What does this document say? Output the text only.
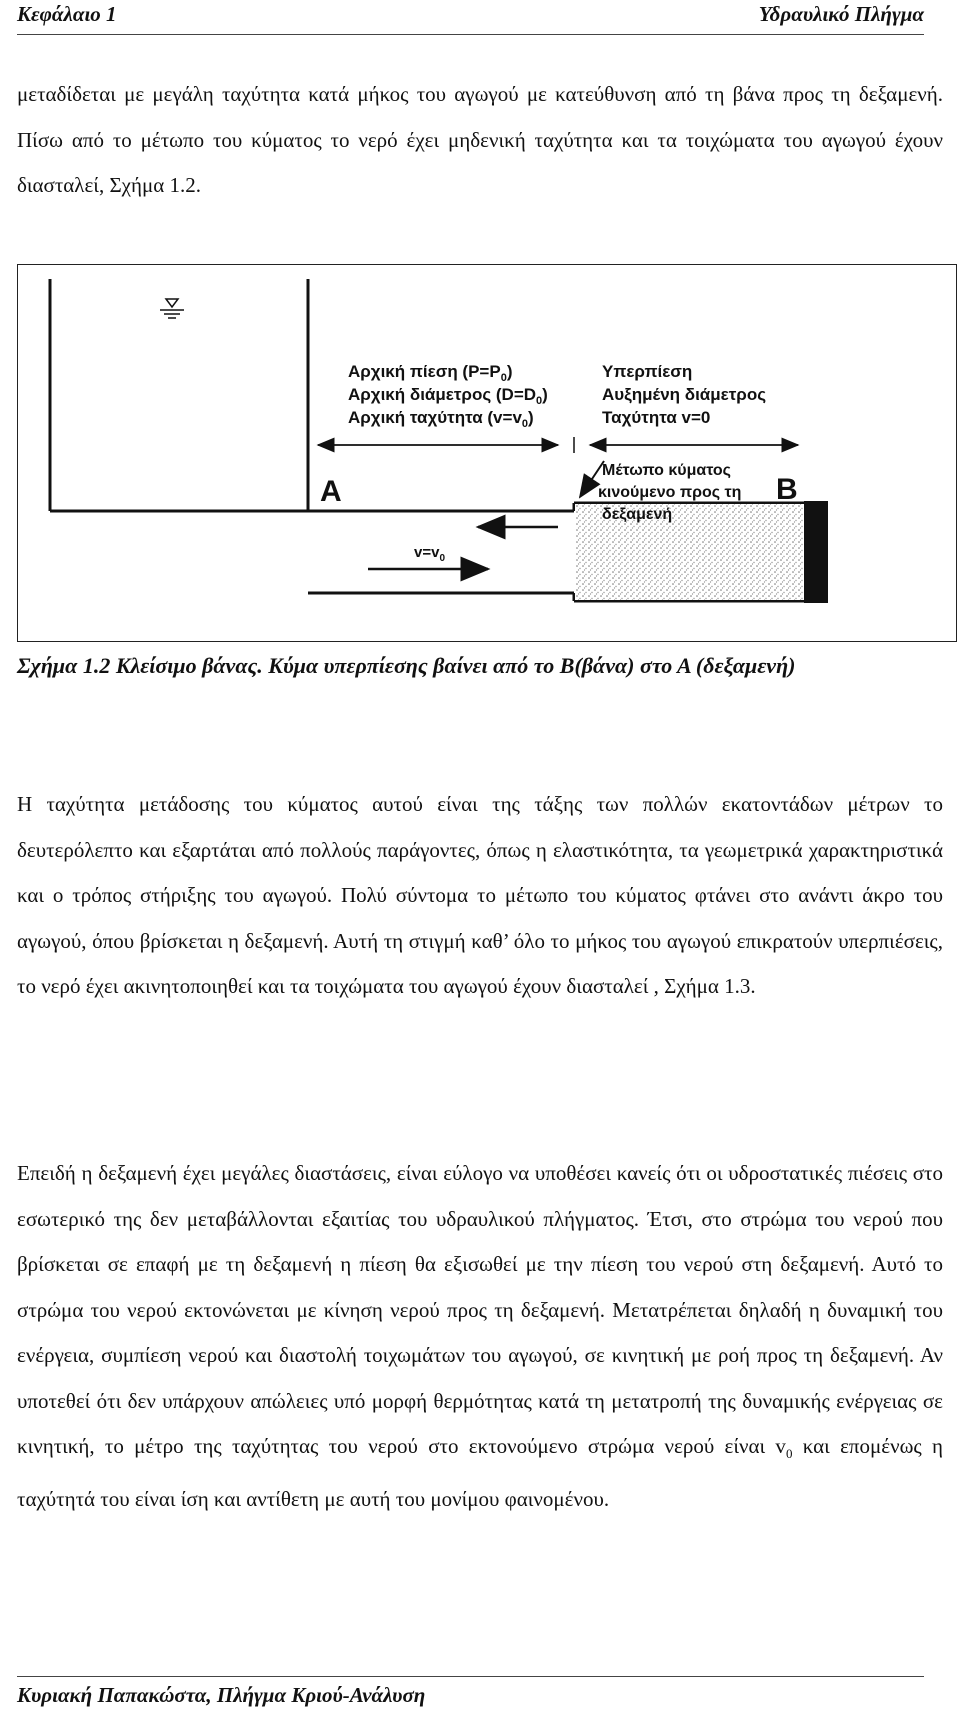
Κεφάλαιο 1	Υδραυλικό Πλήγμα

μεταδίδεται με μεγάλη ταχύτητα κατά μήκος του αγωγού με κατεύθυνση από τη βάνα προς τη δεξαμενή. Πίσω από το μέτωπο του κύματος το νερό έχει μηδενική ταχύτητα και τα τοιχώματα του αγωγού έχουν διασταλεί, Σχήμα 1.2.

Αρχική πίεση $(P=P_0)$
Αρχική διάμετρος $(D=D_0)$
Αρχική ταχύτητα $(v=v_0)$
Υπερπίεση
Αυξημένη διάμετρος
Ταχύτητα v=0
Μέτωπο κύματος
κινούμενο προς τη
δεξαμενή
A	B
$v=v_0$

Σχήμα 1.2 Κλείσιμο βάνας. Κύμα υπερπίεσης βαίνει από το Β(βάνα) στο Α (δεξαμενή)

Η ταχύτητα μετάδοσης του κύματος αυτού είναι της τάξης των πολλών εκατοντάδων μέτρων το δευτερόλεπτο και εξαρτάται από πολλούς παράγοντες, όπως η ελαστικότητα, τα γεωμετρικά χαρακτηριστικά και ο τρόπος στήριξης του αγωγού. Πολύ σύντομα το μέτωπο του κύματος φτάνει στο ανάντι άκρο του αγωγού, όπου βρίσκεται η δεξαμενή. Αυτή τη στιγμή καθ’ όλο το μήκος του αγωγού επικρατούν υπερπιέσεις, το νερό έχει ακινητοποιηθεί και τα τοιχώματα του αγωγού έχουν διασταλεί , Σχήμα 1.3.

Επειδή η δεξαμενή έχει μεγάλες διαστάσεις, είναι εύλογο να υποθέσει κανείς ότι οι υδροστατικές πιέσεις στο εσωτερικό της δεν μεταβάλλονται εξαιτίας του υδραυλικού πλήγματος. Έτσι, στο στρώμα του νερού που βρίσκεται σε επαφή με τη δεξαμενή η πίεση θα εξισωθεί με την πίεση του νερού στη δεξαμενή. Αυτό το στρώμα του νερού εκτονώνεται με κίνηση νερού προς τη δεξαμενή. Μετατρέπεται δηλαδή η δυναμική του ενέργεια, συμπίεση νερού και διαστολή τοιχωμάτων του αγωγού, σε κινητική με ροή προς τη δεξαμενή. Αν υποτεθεί ότι δεν υπάρχουν απώλειες υπό μορφή θερμότητας κατά τη μετατροπή της δυναμικής ενέργειας σε κινητική, το μέτρο της ταχύτητας του νερού στο εκτονούμενο στρώμα νερού είναι $v_0$ και επομένως η ταχύτητά του είναι ίση και αντίθετη με αυτή του μονίμου φαινομένου.

Κυριακή Παπακώστα, Πλήγμα Κριού-Ανάλυση
